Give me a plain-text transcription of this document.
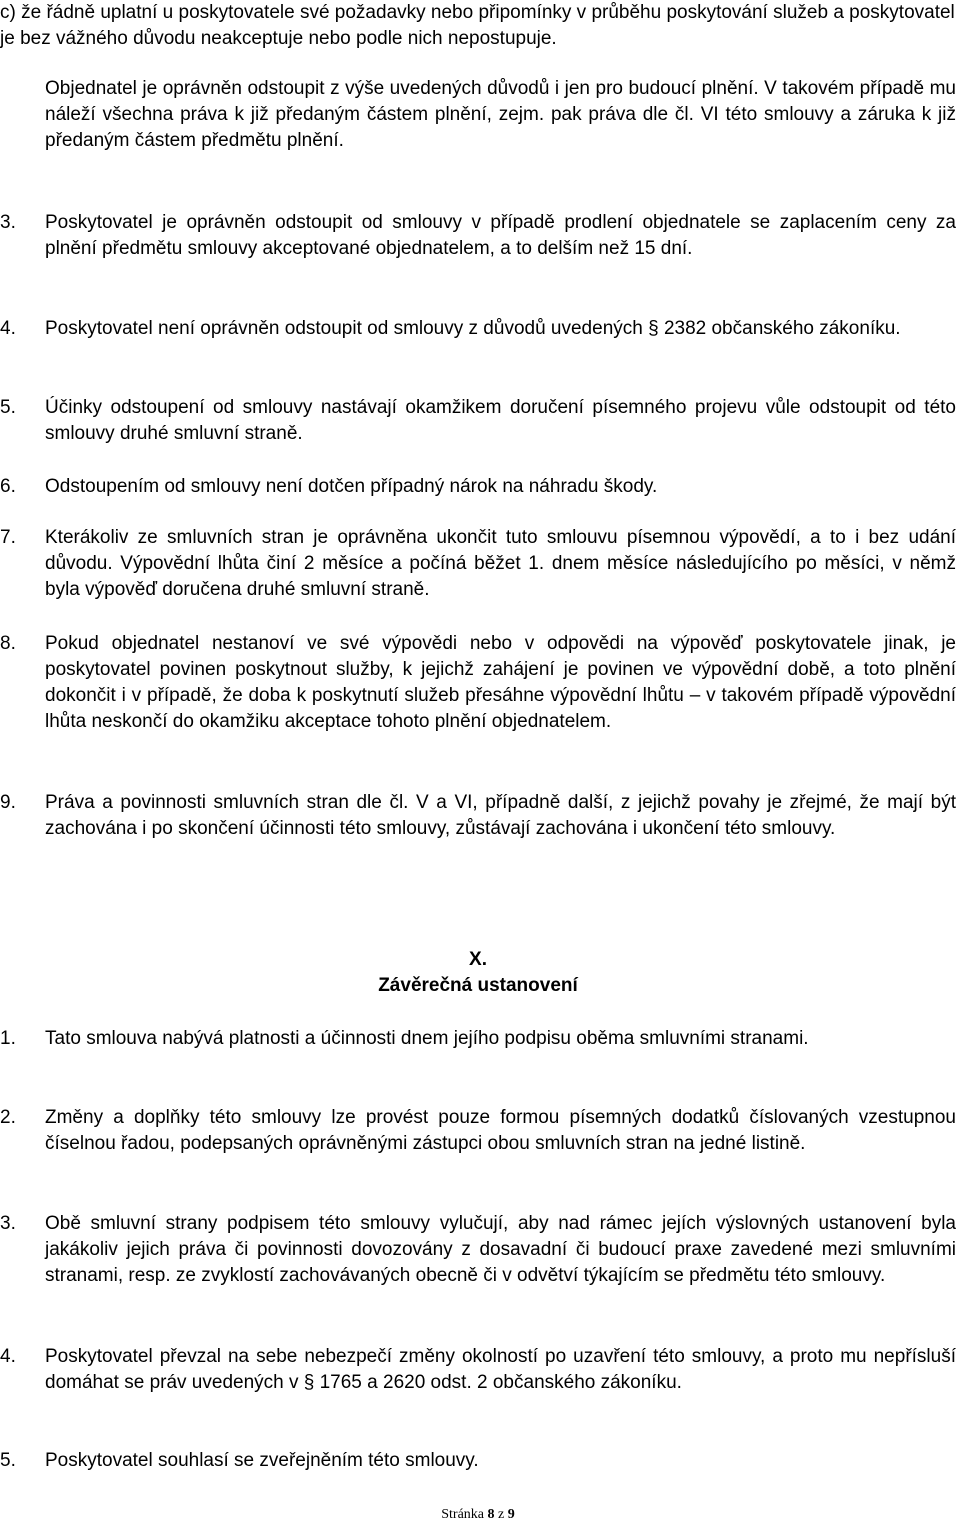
c) že řádně uplatní u poskytovatele své požadavky nebo připomínky v průběhu poskytování služeb a poskytovatel je bez vážného důvodu neakceptuje nebo podle nich nepostupuje.
Objednatel je oprávněn odstoupit z výše uvedených důvodů i jen pro budoucí plnění. V takovém případě mu náleží všechna práva k již předaným částem plnění, zejm. pak práva dle čl. VI této smlouvy a záruka k již předaným částem předmětu plnění.
3. Poskytovatel je oprávněn odstoupit od smlouvy v případě prodlení objednatele se zaplacením ceny za plnění předmětu smlouvy akceptované objednatelem, a to delším než 15 dní.
4. Poskytovatel není oprávněn odstoupit od smlouvy z důvodů uvedených § 2382 občanského zákoníku.
5. Účinky odstoupení od smlouvy nastávají okamžikem doručení písemného projevu vůle odstoupit od této smlouvy druhé smluvní straně.
6. Odstoupením od smlouvy není dotčen případný nárok na náhradu škody.
7. Kterákoliv ze smluvních stran je oprávněna ukončit tuto smlouvu písemnou výpovědí, a to i bez udání důvodu. Výpovědní lhůta činí 2 měsíce a počíná běžet 1. dnem měsíce následujícího po měsíci, v němž byla výpověď doručena druhé smluvní straně.
8. Pokud objednatel nestanoví ve své výpovědi nebo v odpovědi na výpověď poskytovatele jinak, je poskytovatel povinen poskytnout služby, k jejichž zahájení je povinen ve výpovědní době, a toto plnění dokončit i v případě, že doba k poskytnutí služeb přesáhne výpovědní lhůtu – v takovém případě výpovědní lhůta neskončí do okamžiku akceptace tohoto plnění objednatelem.
9. Práva a povinnosti smluvních stran dle čl. V a VI, případně další, z jejichž povahy je zřejmé, že mají být zachována i po skončení účinnosti této smlouvy, zůstávají zachována i ukončení této smlouvy.
X.
Závěrečná ustanovení
1. Tato smlouva nabývá platnosti a účinnosti dnem jejího podpisu oběma smluvními stranami.
2. Změny a doplňky této smlouvy lze provést pouze formou písemných dodatků číslovaných vzestupnou číselnou řadou, podepsaných oprávněnými zástupci obou smluvních stran na jedné listině.
3. Obě smluvní strany podpisem této smlouvy vylučují, aby nad rámec jejích výslovných ustanovení byla jakákoliv jejich práva či povinnosti dovozovány z dosavadní či budoucí praxe zavedené mezi smluvními stranami, resp. ze zvyklostí zachovávaných obecně či v odvětví týkajícím se předmětu této smlouvy.
4. Poskytovatel převzal na sebe nebezpečí změny okolností po uzavření této smlouvy, a proto mu nepřísluší domáhat se práv uvedených v § 1765 a 2620 odst. 2 občanského zákoníku.
5. Poskytovatel souhlasí se zveřejněním této smlouvy.
Stránka 8 z 9
